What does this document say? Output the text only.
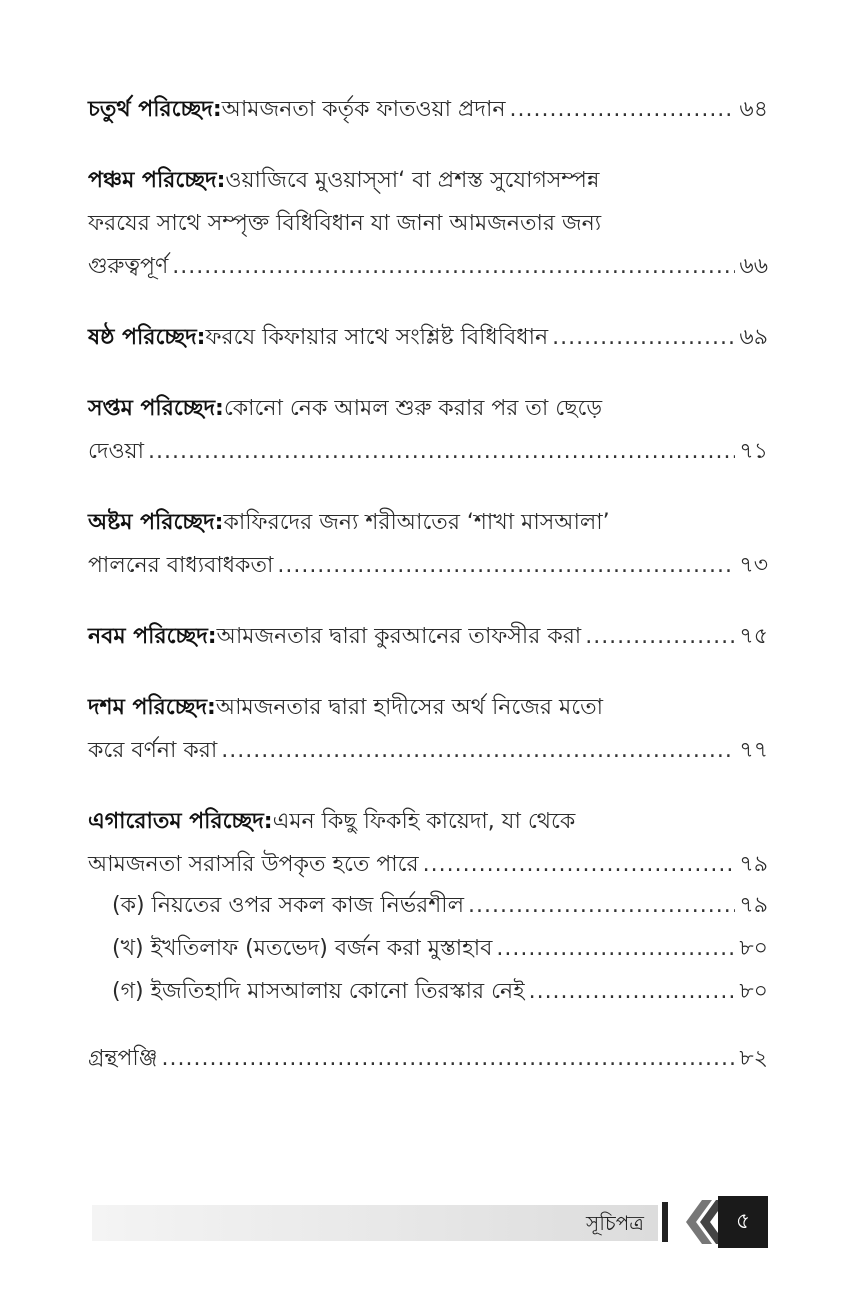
চতুর্থ পরিচ্ছেদ: আমজনতা কর্তৃক ফাতওয়া প্রদান .....	৬৪
পঞ্চম পরিচ্ছেদ: ওয়াজিবে মুওয়াস্সা‘ বা প্রশস্ত সুযোগসম্পন্ন
ফরযের সাথে সম্পৃক্ত বিধিবিধান যা জানা আমজনতার জন্য
গুরুত্বপূর্ণ .....	৬৬
ষষ্ঠ পরিচ্ছেদ: ফরযে কিফায়ার সাথে সংশ্লিষ্ট বিধিবিধান .....	৬৯
সপ্তম পরিচ্ছেদ: কোনো নেক আমল শুরু করার পর তা ছেড়ে
দেওয়া .....	৭১
অষ্টম পরিচ্ছেদ: কাফিরদের জন্য শরীআতের ‘শাখা মাসআলা’
পালনের বাধ্যবাধকতা .....	৭৩
নবম পরিচ্ছেদ: আমজনতার দ্বারা কুরআনের তাফসীর করা .....	৭৫
দশম পরিচ্ছেদ: আমজনতার দ্বারা হাদীসের অর্থ নিজের মতো
করে বর্ণনা করা .....	৭৭
এগারোতম পরিচ্ছেদ: এমন কিছু ফিকহি কায়েদা, যা থেকে
আমজনতা সরাসরি উপকৃত হতে পারে .....	৭৯
(ক) নিয়তের ওপর সকল কাজ নির্ভরশীল .....	৭৯
(খ) ইখতিলাফ (মতভেদ) বর্জন করা মুস্তাহাব .....	৮০
(গ) ইজতিহাদি মাসআলায় কোনো তিরস্কার নেই .....	৮০
গ্রন্থপঞ্জি .....	৮২
সূচিপত্র	৫
